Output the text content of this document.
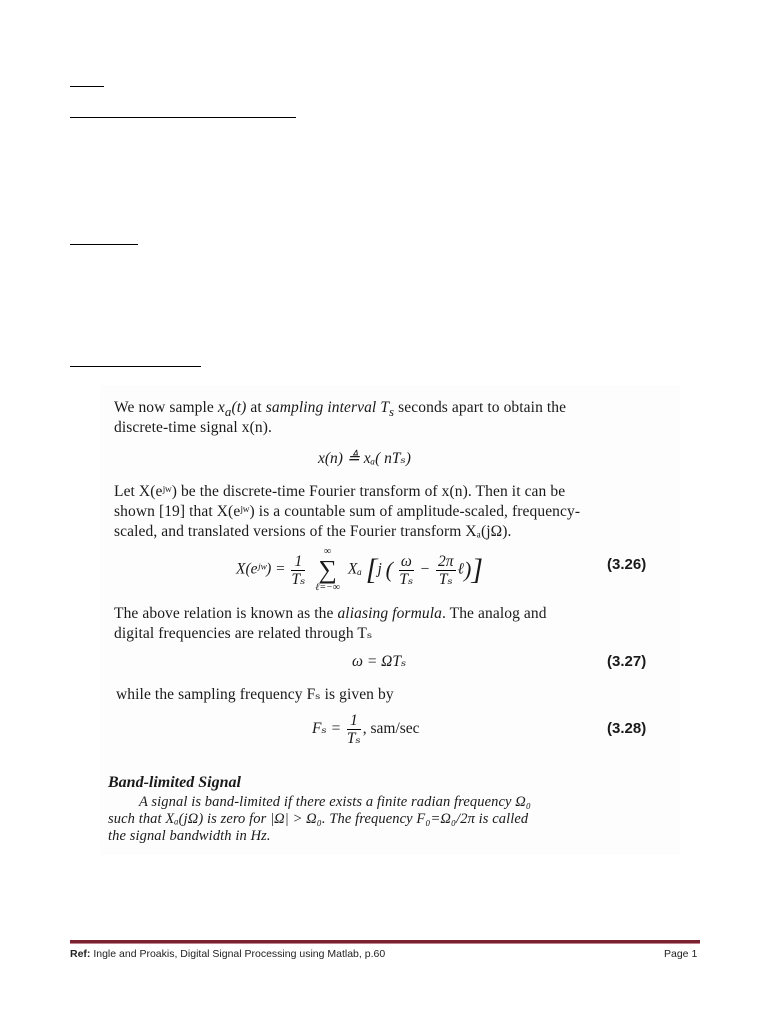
We now sample $x_a(t)$ at sampling interval $T_s$ seconds apart to obtain the
discrete-time signal x(n).
x(n) ≜ xₐ( nTₛ)
Let X(eʲʷ) be the discrete-time Fourier transform of x(n). Then it can be
shown [19] that X(eʲʷ) is a countable sum of amplitude-scaled, frequency-
scaled, and translated versions of the Fourier transform Xₐ(jΩ).
X(eʲʷ) = $\frac{1}{\text{Tₛ}}$

∞
∑
ℓ=−∞
Xₐ [j ( $\frac{\omega}{\text{Tₛ}} - \frac{2\pi}{\text{Tₛ}}$ ℓ)]	(3.26)
The above relation is known as the aliasing formula. The analog and
digital frequencies are related through Tₛ
ω = ΩTₛ	(3.27)
while the sampling frequency Fₛ is given by
$F_s = \frac{1}{\text{Tₛ}}$ , sam/sec	(3.28)
Band-limited Signal
A signal is band-limited if there exists a finite radian frequency Ω₀
such that Xₐ(jΩ) is zero for |Ω| > Ω₀. The frequency F₀=Ω₀/2π is called
the signal bandwidth in Hz.
Ref: Ingle and Proakis, Digital Signal Processing using Matlab, p.60	Page 1
